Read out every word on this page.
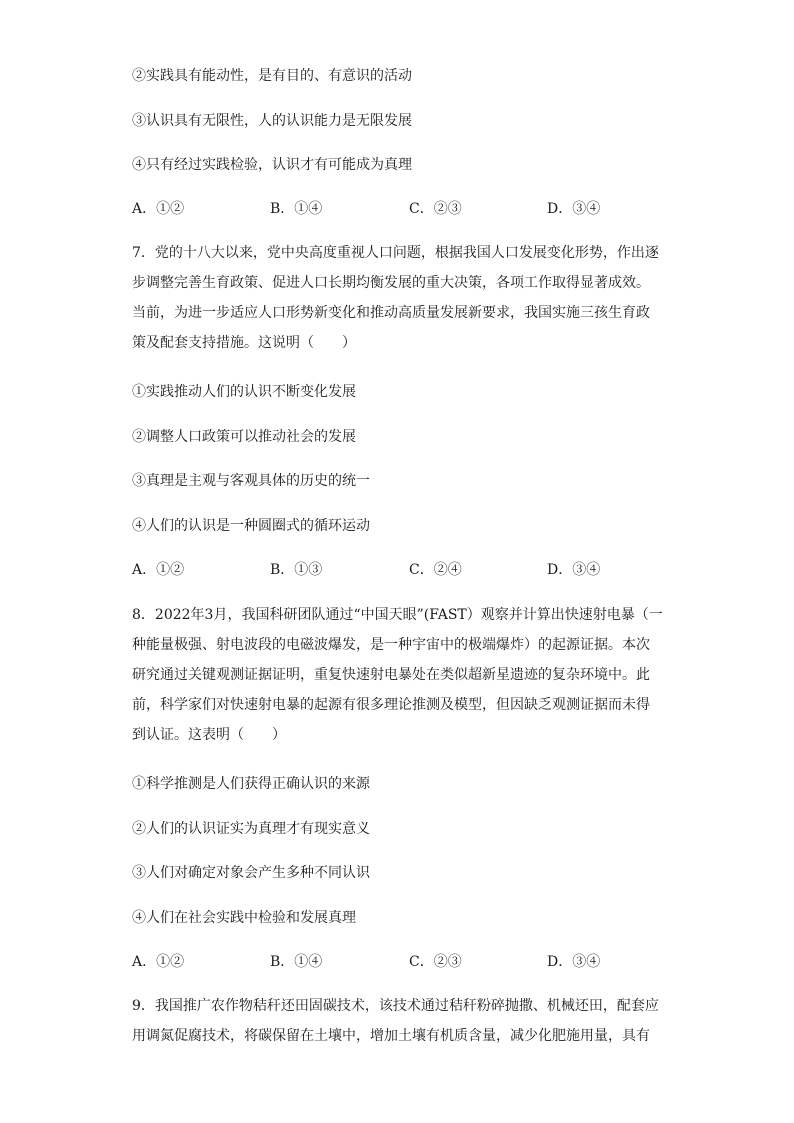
②实践具有能动性，是有目的、有意识的活动
③认识具有无限性，人的认识能力是无限发展
④只有经过实践检验，认识才有可能成为真理
A．①②	B．①④	C．②③	D．③④
7．党的十八大以来，党中央高度重视人口问题，根据我国人口发展变化形势，作出逐
步调整完善生育政策、促进人口长期均衡发展的重大决策，各项工作取得显著成效。
当前，为进一步适应人口形势新变化和推动高质量发展新要求，我国实施三孩生育政
策及配套支持措施。这说明（　　）
①实践推动人们的认识不断变化发展
②调整人口政策可以推动社会的发展
③真理是主观与客观具体的历史的统一
④人们的认识是一种圆圈式的循环运动
A．①②	B．①③	C．②④	D．③④
8．2022年3月，我国科研团队通过“中国天眼”(FAST）观察并计算出快速射电暴（一
种能量极强、射电波段的电磁波爆发，是一种宇宙中的极端爆炸）的起源证据。本次
研究通过关键观测证据证明，重复快速射电暴处在类似超新星遗迹的复杂环境中。此
前，科学家们对快速射电暴的起源有很多理论推测及模型，但因缺乏观测证据而未得
到认证。这表明（　　）
①科学推测是人们获得正确认识的来源
②人们的认识证实为真理才有现实意义
③人们对确定对象会产生多种不同认识
④人们在社会实践中检验和发展真理
A．①②	B．①④	C．②③	D．③④
9．我国推广农作物秸秆还田固碳技术，该技术通过秸秆粉碎抛撒、机械还田，配套应
用调氮促腐技术，将碳保留在土壤中，增加土壤有机质含量，减少化肥施用量，具有
